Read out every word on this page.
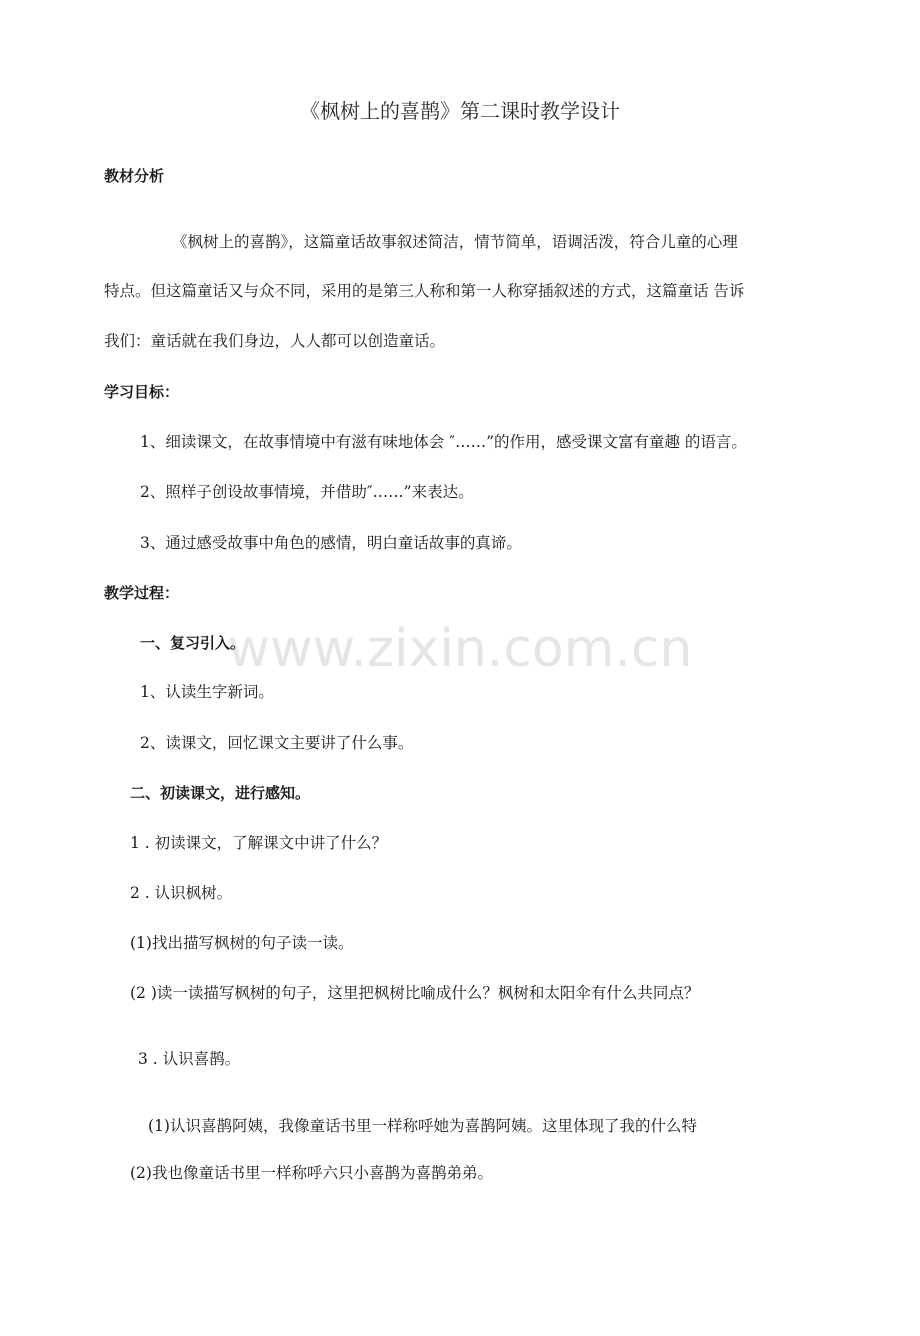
《枫树上的喜鹊》第二课时教学设计
教材分析
《枫树上的喜鹊》，这篇童话故事叙述简洁，情节简单，语调活泼，符合儿童的心理
特点。但这篇童话又与众不同，采用的是第三人称和第一人称穿插叙述的方式，这篇童话 告诉
我们：童话就在我们身边，人人都可以创造童话。
学习目标：
1、细读课文，在故事情境中有滋有味地体会 ″……”的作用，感受课文富有童趣 的语言。
2、照样子创设故事情境，并借助″……”来表达。
3、通过感受故事中角色的感情，明白童话故事的真谛。
教学过程：
一、复习引入。
1、认读生字新词。
2、读课文，回忆课文主要讲了什么事。
二、初读课文，进行感知。
1 . 初读课文，了解课文中讲了什么？
2 . 认识枫树。
(1)找出描写枫树的句子读一读。
(2 )读一读描写枫树的句子，这里把枫树比喻成什么？枫树和太阳伞有什么共同点？
3 . 认识喜鹊。
(1)认识喜鹊阿姨，我像童话书里一样称呼她为喜鹊阿姨。这里体现了我的什么特
(2)我也像童话书里一样称呼六只小喜鹊为喜鹊弟弟。
www.zixin.com.cn
